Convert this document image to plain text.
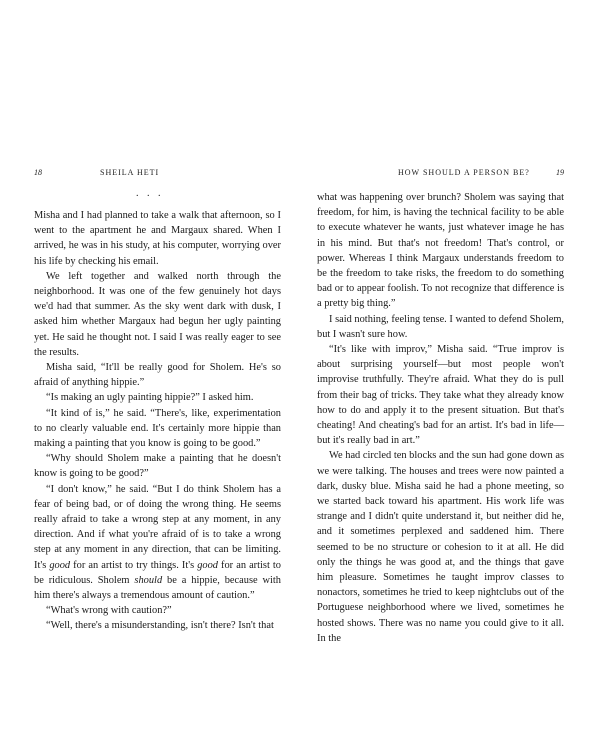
18	SHEILA HETI
. . .

Misha and I had planned to take a walk that afternoon, so I went to the apartment he and Margaux shared. When I arrived, he was in his study, at his computer, worrying over his life by checking his email.

We left together and walked north through the neighborhood. It was one of the few genuinely hot days we'd had that summer. As the sky went dark with dusk, I asked him whether Margaux had begun her ugly painting yet. He said he thought not. I said I was really eager to see the results.

Misha said, “It'll be really good for Sholem. He's so afraid of anything hippie.”

“Is making an ugly painting hippie?” I asked him.

“It kind of is,” he said. “There's, like, experimentation to no clearly valuable end. It's certainly more hippie than making a painting that you know is going to be good.”

“Why should Sholem make a painting that he doesn't know is going to be good?”

“I don't know,” he said. “But I do think Sholem has a fear of being bad, or of doing the wrong thing. He seems really afraid to take a wrong step at any moment, in any direction. And if what you're afraid of is to take a wrong step at any moment in any direction, that can be limiting. It's good for an artist to try things. It's good for an artist to be ridiculous. Sholem should be a hippie, because with him there's always a tremendous amount of caution.”

“What's wrong with caution?”

“Well, there's a misunderstanding, isn't there? Isn't that

HOW SHOULD A PERSON BE?	19

what was happening over brunch? Sholem was saying that freedom, for him, is having the technical facility to be able to execute whatever he wants, just whatever image he has in his mind. But that's not freedom! That's control, or power. Whereas I think Margaux understands freedom to be the freedom to take risks, the freedom to do something bad or to appear foolish. To not recognize that difference is a pretty big thing.”

I said nothing, feeling tense. I wanted to defend Sholem, but I wasn't sure how.

“It's like with improv,” Misha said. “True improv is about surprising yourself—but most people won't improvise truthfully. They're afraid. What they do is pull from their bag of tricks. They take what they already know how to do and apply it to the present situation. But that's cheating! And cheating's bad for an artist. It's bad in life—but it's really bad in art.”

We had circled ten blocks and the sun had gone down as we were talking. The houses and trees were now painted a dark, dusky blue. Misha said he had a phone meeting, so we started back toward his apartment. His work life was strange and I didn't quite understand it, but neither did he, and it sometimes perplexed and saddened him. There seemed to be no structure or cohesion to it at all. He did only the things he was good at, and the things that gave him pleasure. Sometimes he taught improv classes to nonactors, sometimes he tried to keep nightclubs out of the Portuguese neighborhood where we lived, sometimes he hosted shows. There was no name you could give to it all. In the
